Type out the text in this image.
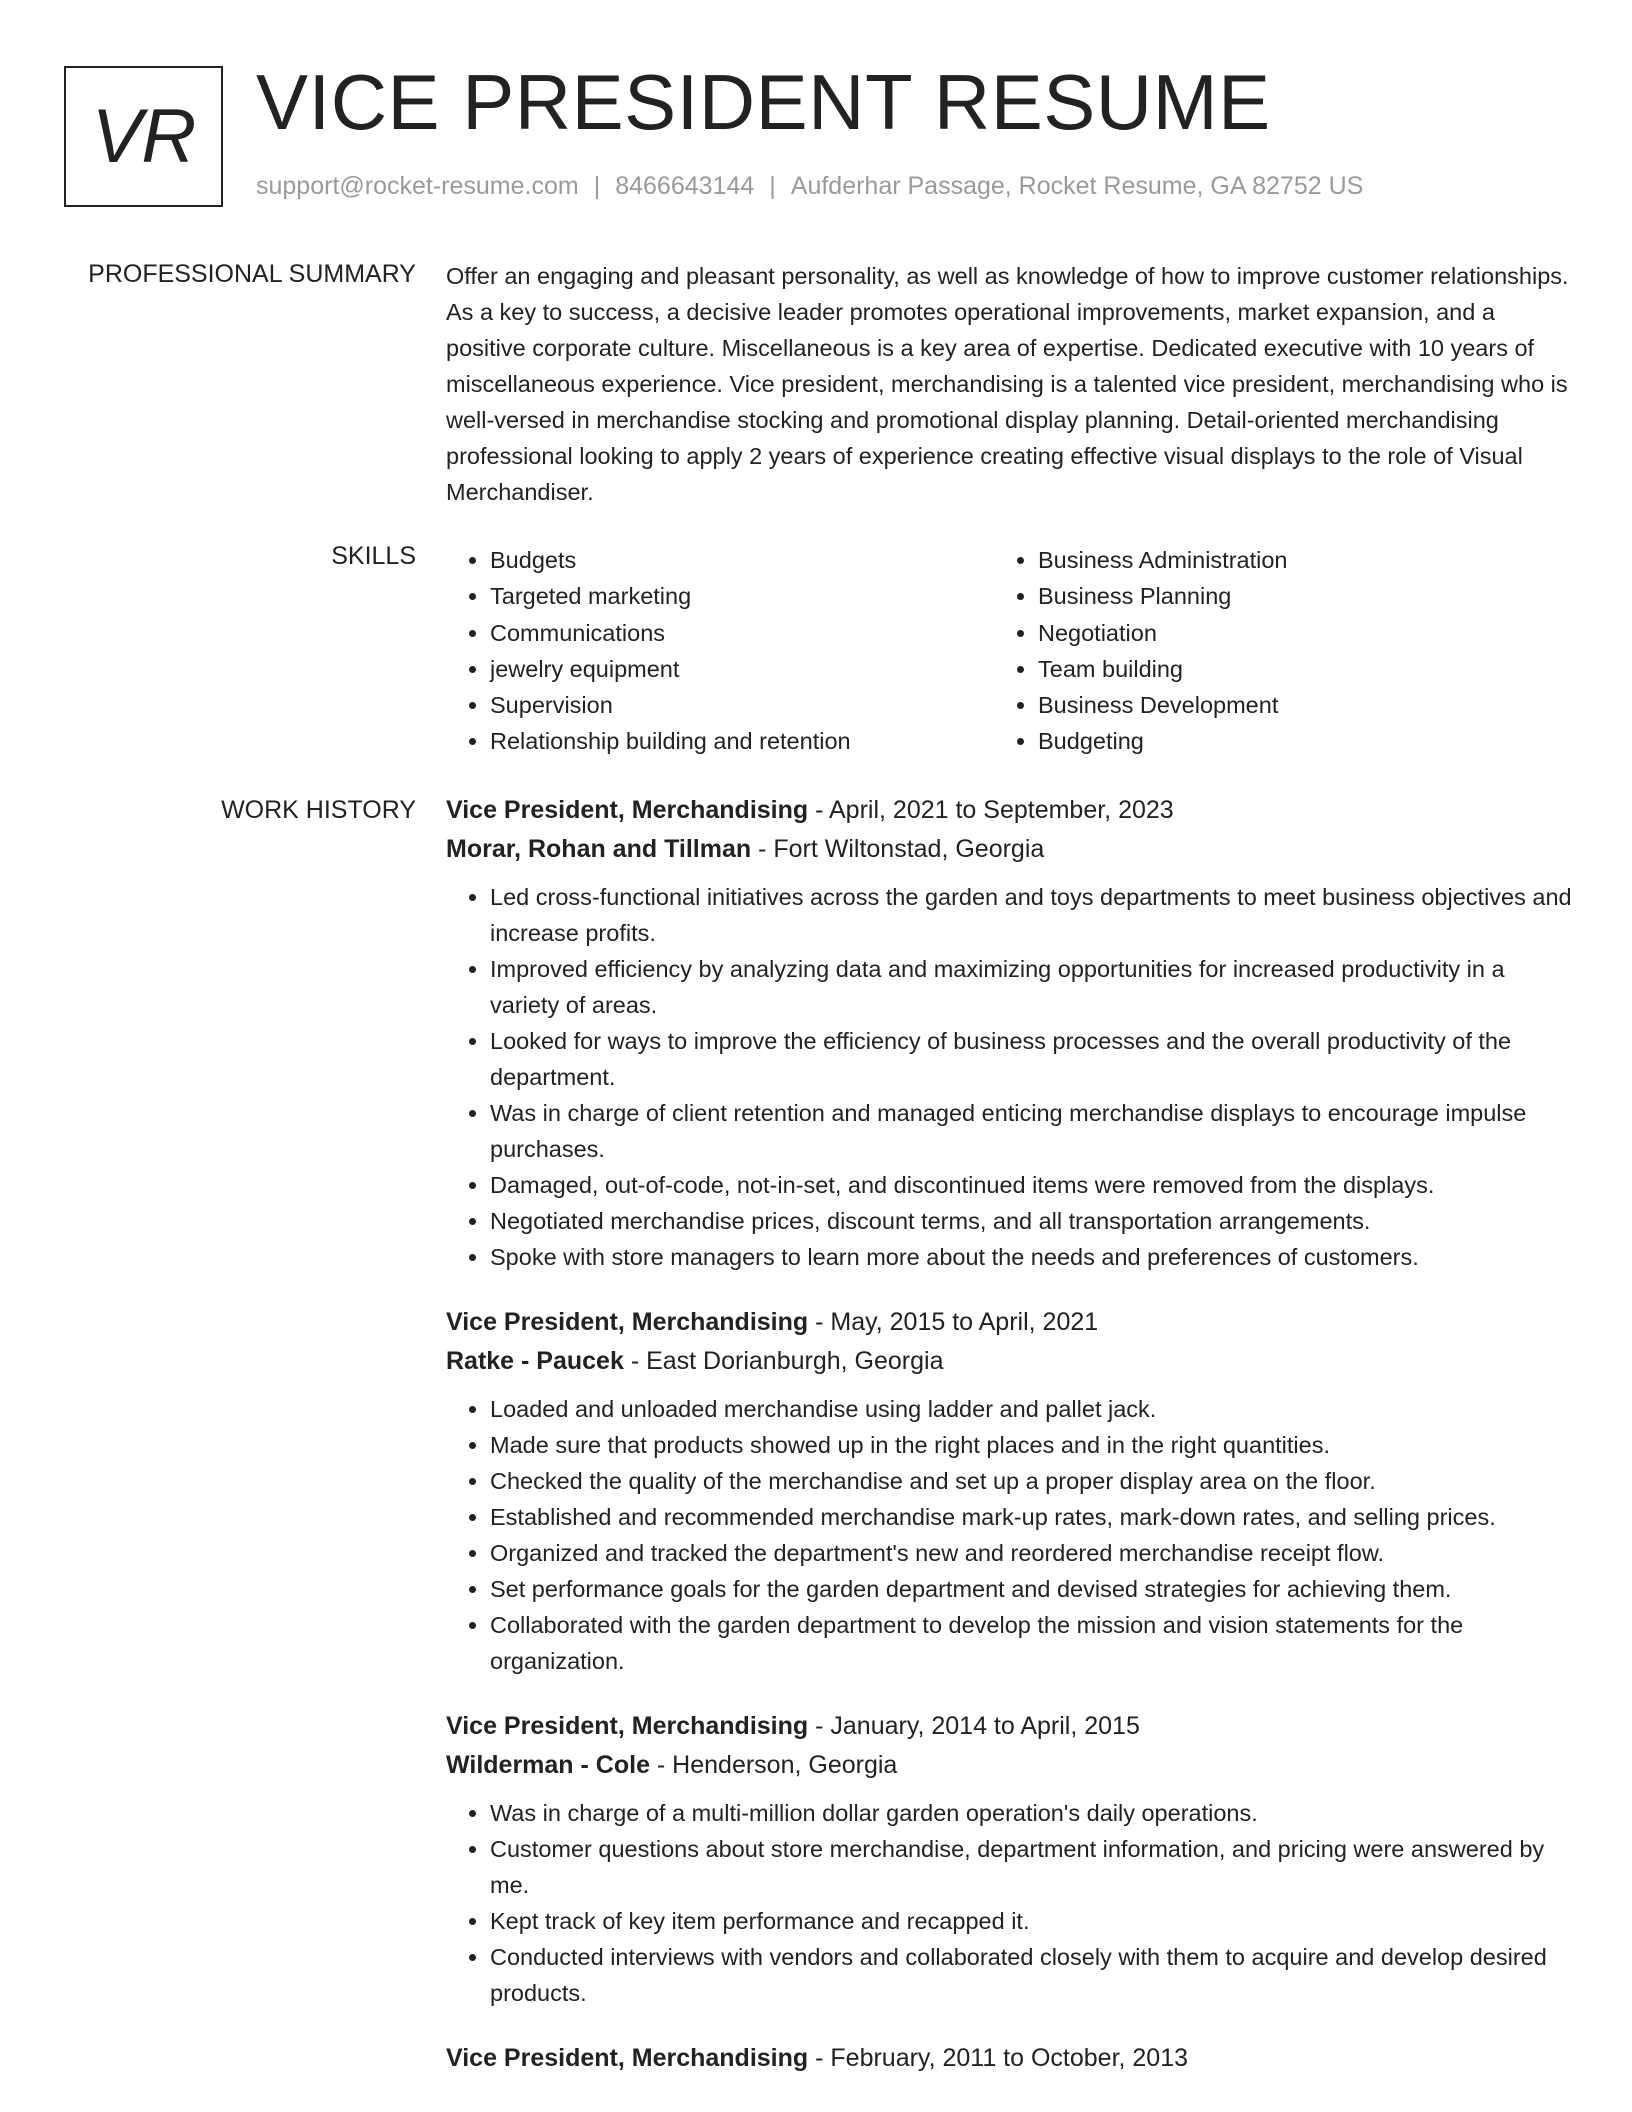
VR VICE PRESIDENT RESUME
support@rocket-resume.com | 8466643144 | Aufderhar Passage, Rocket Resume, GA 82752 US
PROFESSIONAL SUMMARY Offer an engaging and pleasant personality, as well as knowledge of how to improve customer relationships. As a key to success, a decisive leader promotes operational improvements, market expansion, and a positive corporate culture. Miscellaneous is a key area of expertise. Dedicated executive with 10 years of miscellaneous experience. Vice president, merchandising is a talented vice president, merchandising who is well-versed in merchandise stocking and promotional display planning. Detail-oriented merchandising professional looking to apply 2 years of experience creating effective visual displays to the role of Visual Merchandiser.

SKILLS
•	Budgets
• Targeted marketing
• Communications
• jewelry equipment
• Supervision
• Relationship building and retention
• Business Administration
• Business Planning
• Negotiation
• Team building
• Business Development
• Budgeting
WORK HISTORY Vice President, Merchandising - April, 2021 to September, 2023
Morar, Rohan and Tillman - Fort Wiltonstad, Georgia
• Led cross-functional initiatives across the garden and toys departments to meet business objectives and increase profits.
• Improved efficiency by analyzing data and maximizing opportunities for increased productivity in a variety of areas.
• Looked for ways to improve the efficiency of business processes and the overall productivity of the department.
• Was in charge of client retention and managed enticing merchandise displays to encourage impulse purchases.
• Damaged, out-of-code, not-in-set, and discontinued items were removed from the displays.
• Negotiated merchandise prices, discount terms, and all transportation arrangements.
• Spoke with store managers to learn more about the needs and preferences of customers.
Vice President, Merchandising - May, 2015 to April, 2021
Ratke - Paucek - East Dorianburgh, Georgia
• Loaded and unloaded merchandise using ladder and pallet jack.
• Made sure that products showed up in the right places and in the right quantities.
• Checked the quality of the merchandise and set up a proper display area on the floor.
• Established and recommended merchandise mark-up rates, mark-down rates, and selling prices.
• Organized and tracked the department's new and reordered merchandise receipt flow.
• Set performance goals for the garden department and devised strategies for achieving them.
• Collaborated with the garden department to develop the mission and vision statements for the organization.
Vice President, Merchandising - January, 2014 to April, 2015
Wilderman - Cole - Henderson, Georgia
• Was in charge of a multi-million dollar garden operation's daily operations.
• Customer questions about store merchandise, department information, and pricing were answered by me.
• Kept track of key item performance and recapped it.
• Conducted interviews with vendors and collaborated closely with them to acquire and develop desired products.
Vice President, Merchandising - February, 2011 to October, 2013
